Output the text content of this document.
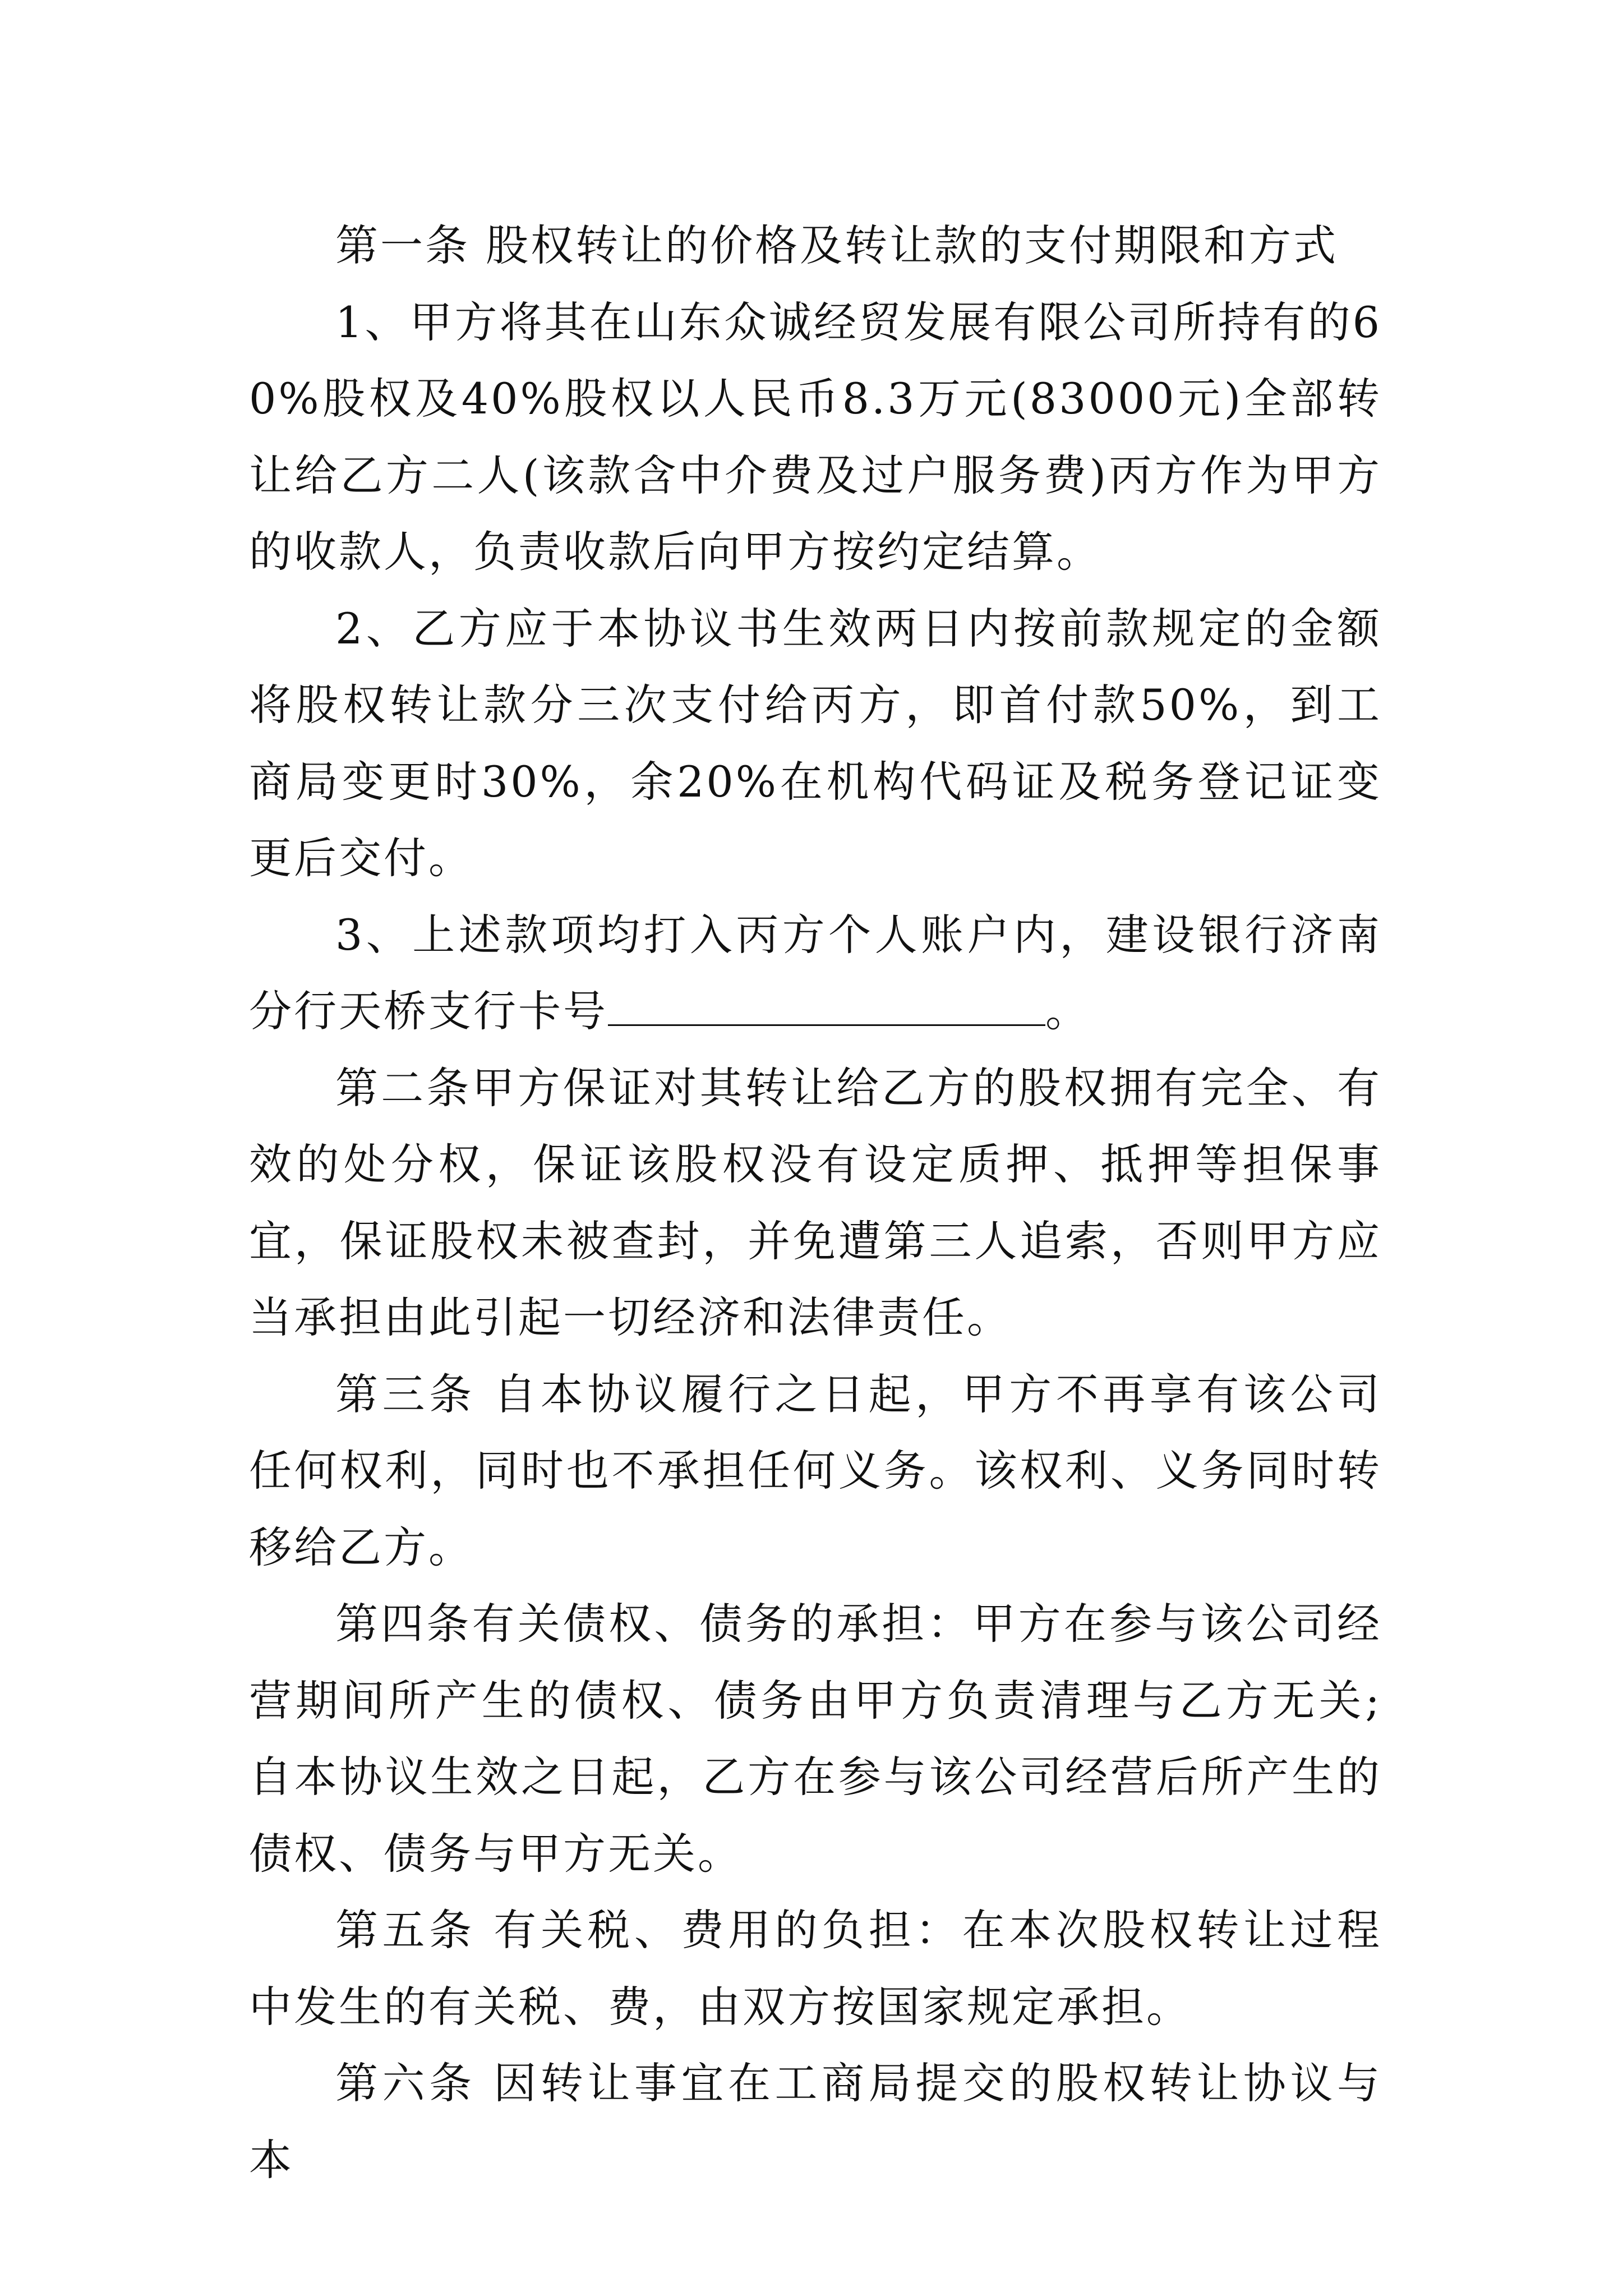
第一条 股权转让的价格及转让款的支付期限和方式

1、甲方将其在山东众诚经贸发展有限公司所持有的60%股权及40%股权以人民币8.3万元(83000元)全部转让给乙方二人(该款含中介费及过户服务费)丙方作为甲方的收款人，负责收款后向甲方按约定结算。

2、乙方应于本协议书生效两日内按前款规定的金额将股权转让款分三次支付给丙方，即首付款50%，到工商局变更时30%，余20%在机构代码证及税务登记证变更后交付。

3、上述款项均打入丙方个人账户内，建设银行济南分行天桥支行卡号	。

第二条甲方保证对其转让给乙方的股权拥有完全、有效的处分权，保证该股权没有设定质押、抵押等担保事宜，保证股权未被查封，并免遭第三人追索，否则甲方应当承担由此引起一切经济和法律责任。

第三条 自本协议履行之日起，甲方不再享有该公司任何权利，同时也不承担任何义务。该权利、义务同时转移给乙方。

第四条有关债权、债务的承担：甲方在参与该公司经营期间所产生的债权、债务由甲方负责清理与乙方无关;自本协议生效之日起，乙方在参与该公司经营后所产生的债权、债务与甲方无关。

第五条 有关税、费用的负担：在本次股权转让过程中发生的有关税、费，由双方按国家规定承担。

第六条 因转让事宜在工商局提交的股权转让协议与本
